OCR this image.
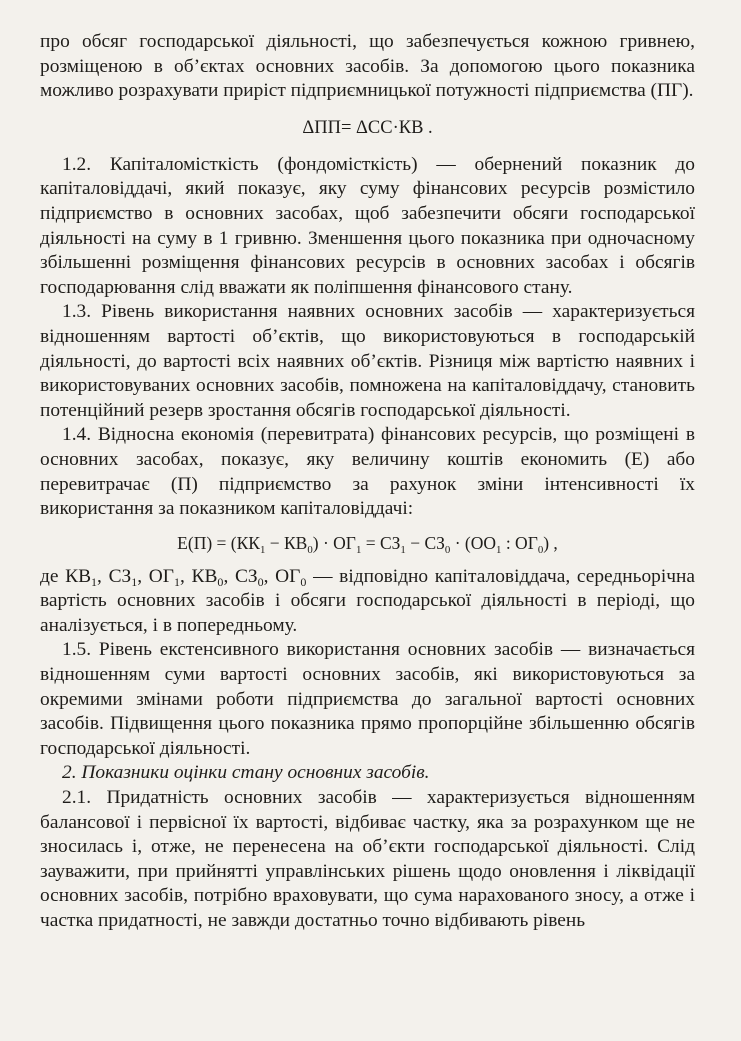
про обсяг господарської діяльності, що забезпечується кожною гривнею, розміщеною в об’єктах основних засобів. За допомогою цього показника можливо розрахувати приріст підприємницької потужності підприємства (ПГ).

ΔПП= ΔСС·КВ .

1.2. Капіталомісткість (фондомісткість) — обернений показник до капіталовіддачі, який показує, яку суму фінансових ресурсів розмістило підприємство в основних засобах, щоб забезпечити обсяги господарської діяльності на суму в 1 гривню. Зменшення цього показника при одночасному збільшенні розміщення фінансових ресурсів в основних засобах і обсягів господарювання слід вважати як поліпшення фінансового стану.

1.3. Рівень використання наявних основних засобів — характеризується відношенням вартості об’єктів, що використовуються в господарській діяльності, до вартості всіх наявних об’єктів. Різниця між вартістю наявних і використовуваних основних засобів, помножена на капіталовіддачу, становить потенційний резерв зростання обсягів господарської діяльності.

1.4. Відносна економія (перевитрата) фінансових ресурсів, що розміщені в основних засобах, показує, яку величину коштів економить (Е) або перевитрачає (П) підприємство за рахунок зміни інтенсивності їх використання за показником капіталовіддачі:

$Е(П) = (КК_1 - КВ_0) \cdot ОГ_1 = СЗ_1 - СЗ_0 \cdot (ОО_1$ : $ОГ_0$) ,

де $КВ_1$, $СЗ_1$, $ОГ_1$, $КВ_0$, $СЗ_0$, $ОГ_0$ — відповідно капіталовіддача, середньорічна вартість основних засобів і обсяги господарської діяльності в періоді, що аналізується, і в попередньому.

1.5. Рівень екстенсивного використання основних засобів — визначається відношенням суми вартості основних засобів, які використовуються за окремими змінами роботи підприємства до загальної вартості основних засобів. Підвищення цього показника прямо пропорційне збільшенню обсягів господарської діяльності.

2. Показники оцінки стану основних засобів.

2.1. Придатність основних засобів — характеризується відношенням балансової і первісної їх вартості, відбиває частку, яка за розрахунком ще не зносилась і, отже, не перенесена на об’єкти господарської діяльності. Слід зауважити, при прийнятті управлінських рішень щодо оновлення і ліквідації основних засобів, потрібно враховувати, що сума нарахованого зносу, а отже і частка придатності, не завжди достатньо точно відбивають рівень
